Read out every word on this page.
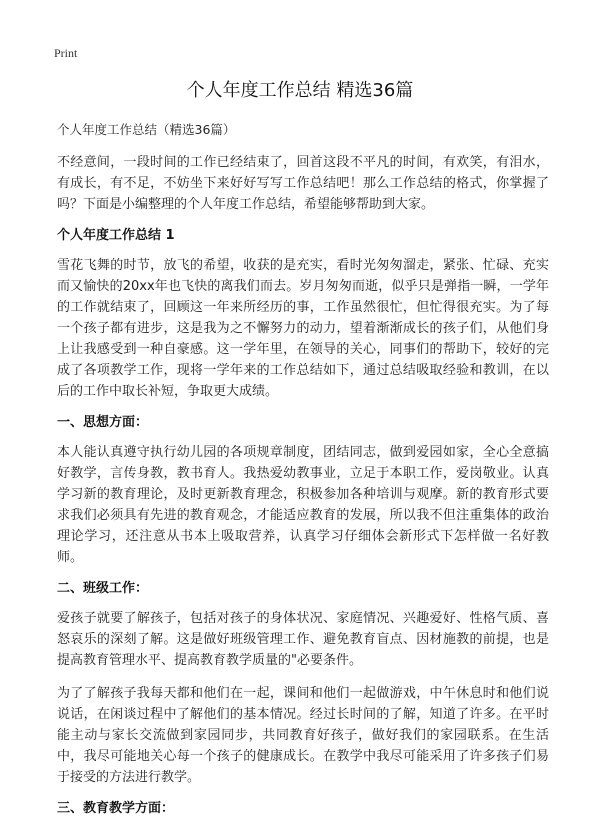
Print
个人年度工作总结 精选36篇

个人年度工作总结（精选36篇）

不经意间，一段时间的工作已经结束了，回首这段不平凡的时间，有欢笑，有泪水，有成长，有不足，不妨坐下来好好写写工作总结吧！那么工作总结的格式，你掌握了吗？下面是小编整理的个人年度工作总结，希望能够帮助到大家。

个人年度工作总结 1

雪花飞舞的时节，放飞的希望，收获的是充实，看时光匆匆溜走，紧张、忙碌、充实而又愉快的20xx年也飞快的离我们而去。岁月匆匆而逝，似乎只是弹指一瞬，一学年的工作就结束了，回顾这一年来所经历的事，工作虽然很忙，但忙得很充实。为了每一个孩子都有进步，这是我为之不懈努力的动力，望着渐渐成长的孩子们，从他们身上让我感受到一种自豪感。这一学年里，在领导的关心，同事们的帮助下，较好的完成了各项教学工作，现将一学年来的工作总结如下，通过总结吸取经验和教训，在以后的工作中取长补短，争取更大成绩。

一、思想方面：

本人能认真遵守执行幼儿园的各项规章制度，团结同志，做到爱园如家，全心全意搞好教学，言传身教，教书育人。我热爱幼教事业，立足于本职工作，爱岗敬业。认真学习新的教育理论，及时更新教育理念，积极参加各种培训与观摩。新的教育形式要求我们必须具有先进的教育观念，才能适应教育的发展，所以我不但注重集体的政治理论学习，还注意从书本上吸取营养，认真学习仔细体会新形式下怎样做一名好教师。

二、班级工作：

爱孩子就要了解孩子，包括对孩子的身体状况、家庭情况、兴趣爱好、性格气质、喜怒哀乐的深刻了解。这是做好班级管理工作、避免教育盲点、因材施教的前提，也是提高教育管理水平、提高教育教学质量的"必要条件。

为了了解孩子我每天都和他们在一起，课间和他们一起做游戏，中午休息时和他们说说话，在闲谈过程中了解他们的基本情况。经过长时间的了解，知道了许多。在平时能主动与家长交流做到家园同步，共同教育好孩子，做好我们的家园联系。在生活中，我尽可能地关心每一个孩子的健康成长。在教学中我尽可能采用了许多孩子们易于接受的方法进行教学。

三、教育教学方面：
